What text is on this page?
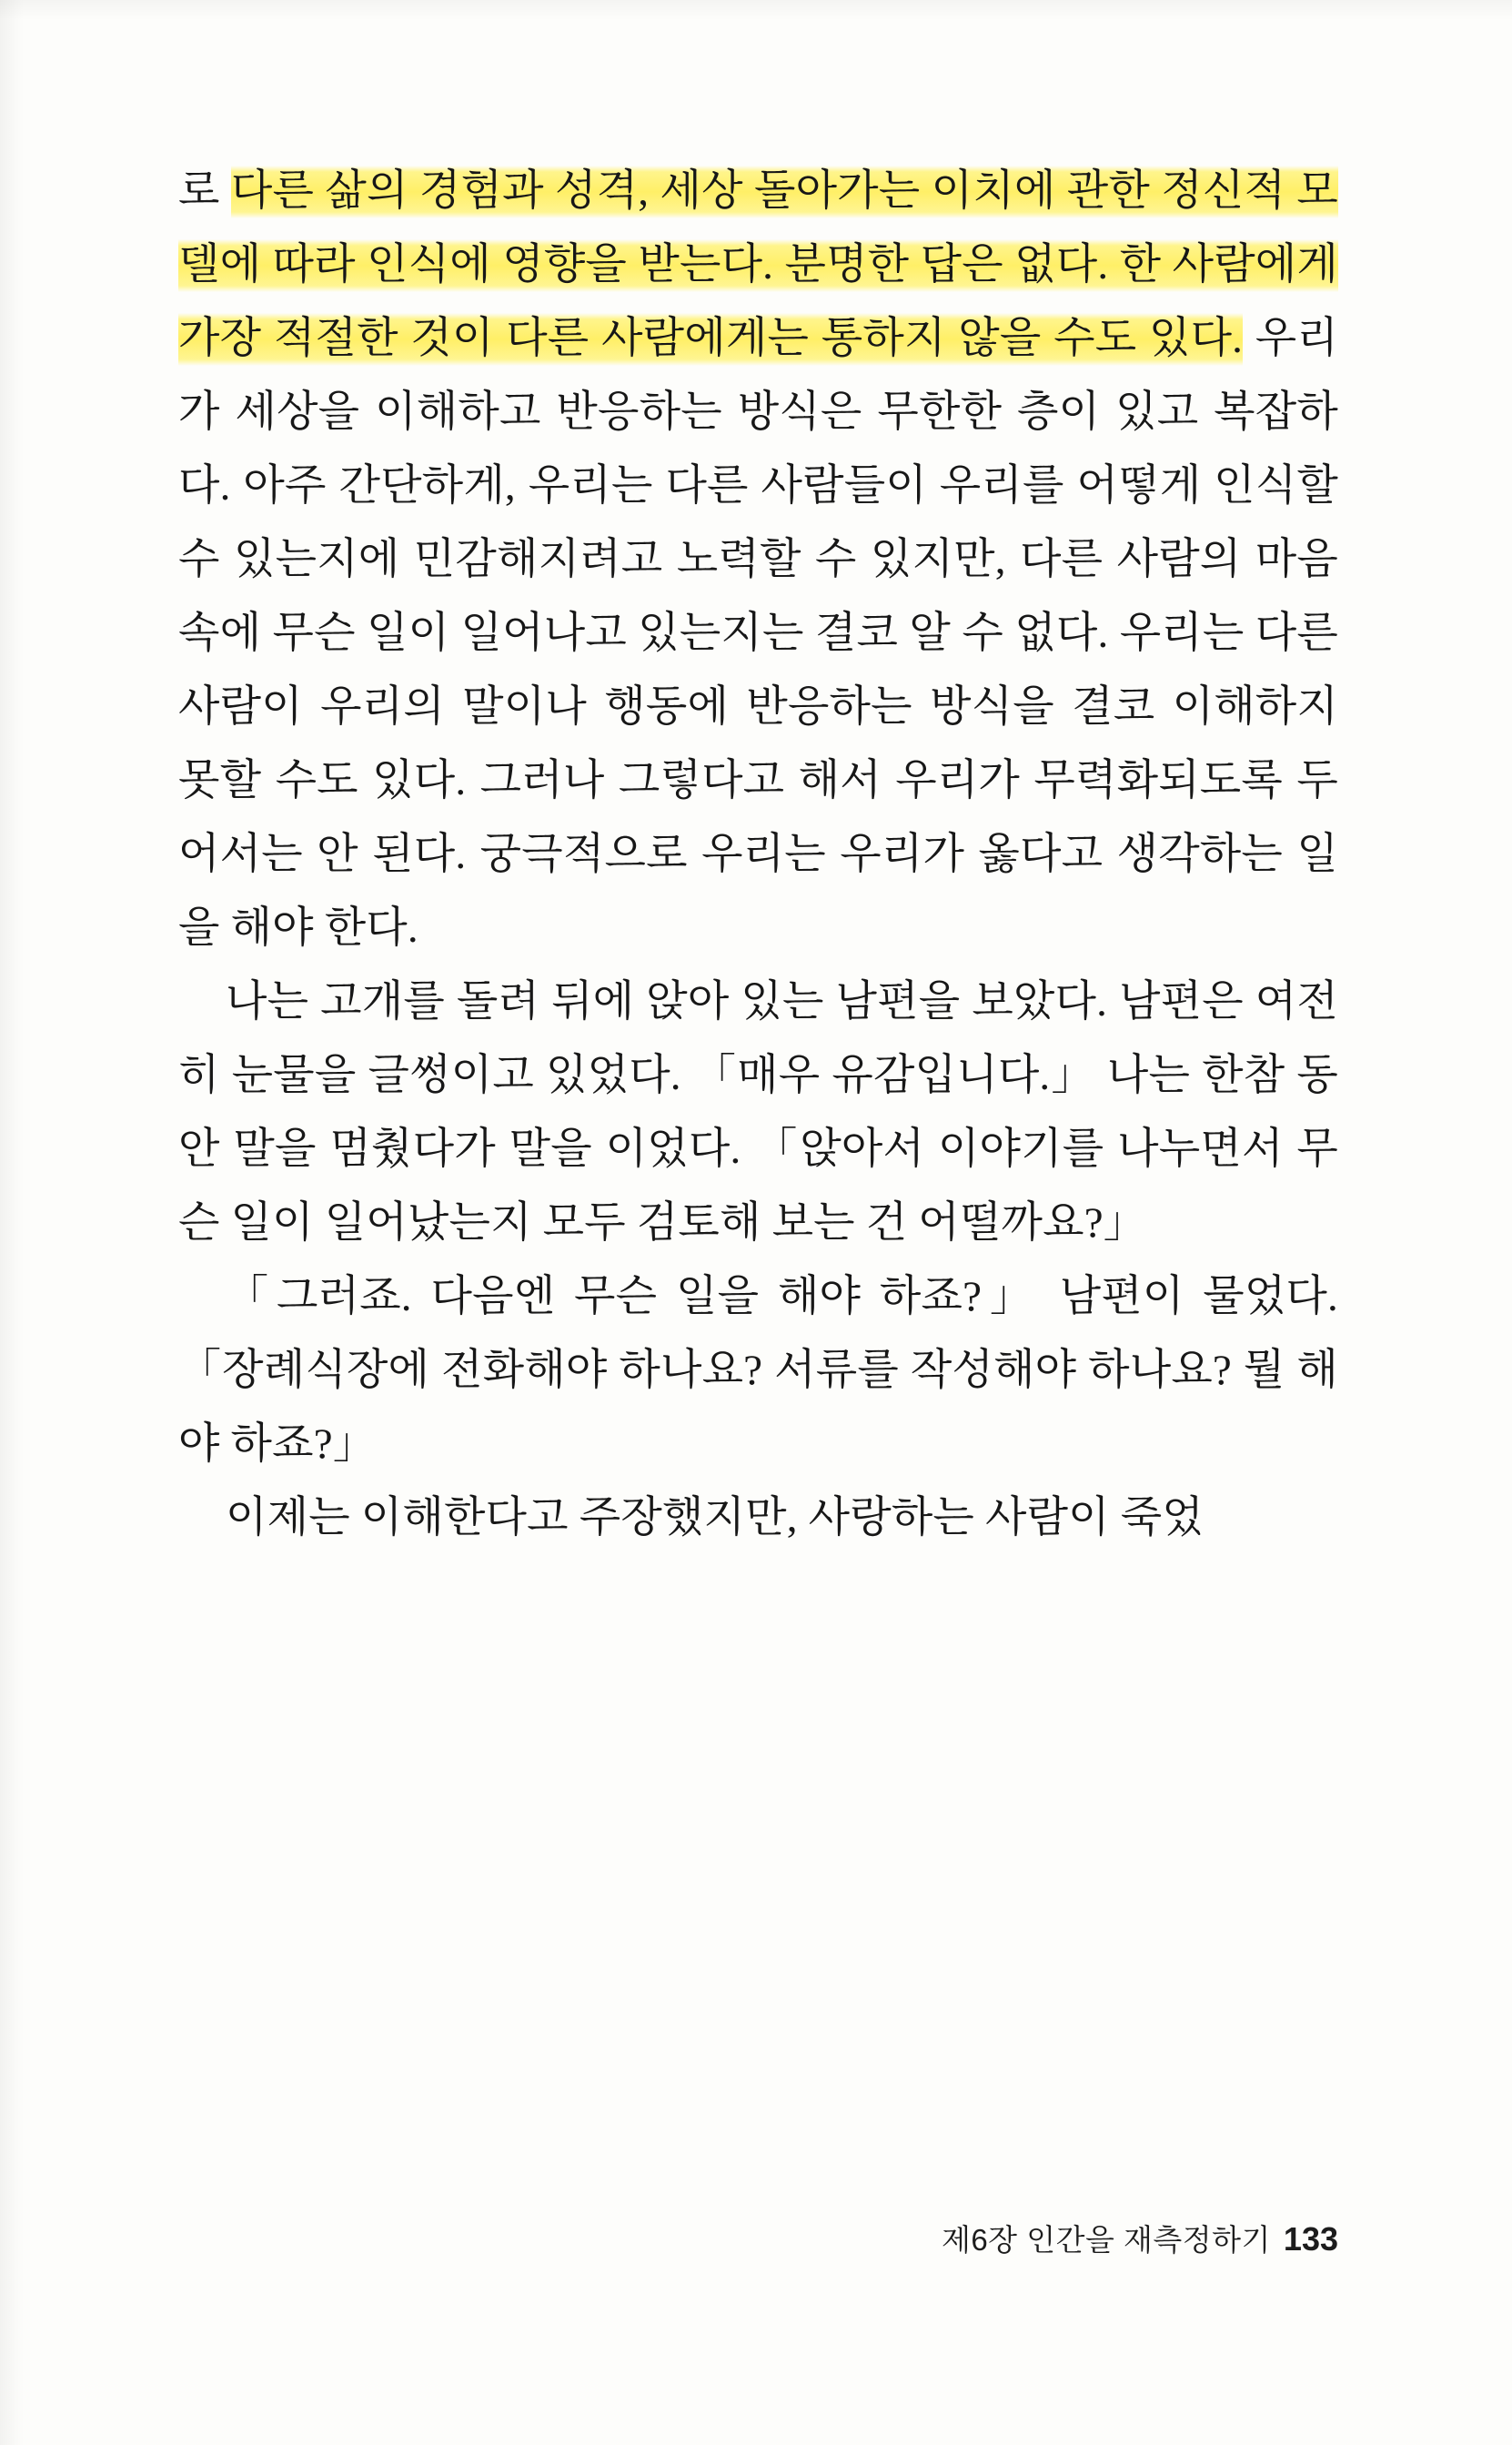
로 다른 삶의 경험과 성격, 세상 돌아가는 이치에 관한 정신적 모델에 따라 인식에 영향을 받는다. 분명한 답은 없다. 한 사람에게 가장 적절한 것이 다른 사람에게는 통하지 않을 수도 있다. 우리가 세상을 이해하고 반응하는 방식은 무한한 층이 있고 복잡하다. 아주 간단하게, 우리는 다른 사람들이 우리를 어떻게 인식할 수 있는지에 민감해지려고 노력할 수 있지만, 다른 사람의 마음속에 무슨 일이 일어나고 있는지는 결코 알 수 없다. 우리는 다른 사람이 우리의 말이나 행동에 반응하는 방식을 결코 이해하지 못할 수도 있다. 그러나 그렇다고 해서 우리가 무력화되도록 두어서는 안 된다. 궁극적으로 우리는 우리가 옳다고 생각하는 일을 해야 한다.

나는 고개를 돌려 뒤에 앉아 있는 남편을 보았다. 남편은 여전히 눈물을 글썽이고 있었다. 「매우 유감입니다.」 나는 한참 동안 말을 멈췄다가 말을 이었다. 「앉아서 이야기를 나누면서 무슨 일이 일어났는지 모두 검토해 보는 건 어떨까요?」

「그러죠. 다음엔 무슨 일을 해야 하죠?」 남편이 물었다. 「장례식장에 전화해야 하나요? 서류를 작성해야 하나요? 뭘 해야 하죠?」

이제는 이해한다고 주장했지만, 사랑하는 사람이 죽었

제6장 인간을 재측정하기 133
